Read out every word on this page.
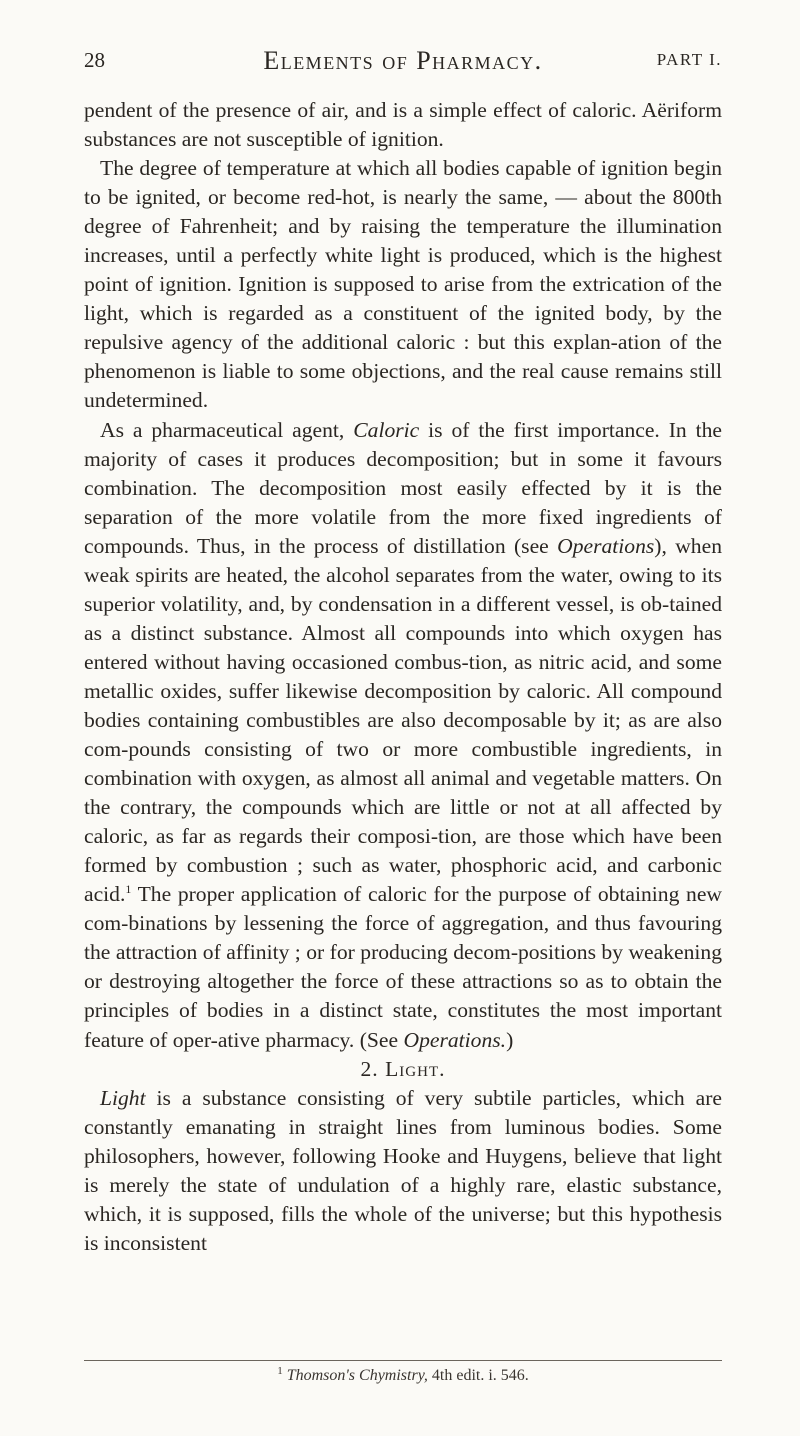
28	Elements of Pharmacy.	PART I.

pendent of the presence of air, and is a simple effect of caloric. Aëriform substances are not susceptible of ignition.

The degree of temperature at which all bodies capable of ignition begin to be ignited, or become red-hot, is nearly the same, — about the 800th degree of Fahrenheit; and by raising the temperature the illumination increases, until a perfectly white light is produced, which is the highest point of ignition. Ignition is supposed to arise from the extrication of the light, which is regarded as a constituent of the ignited body, by the repulsive agency of the additional caloric : but this explan-ation of the phenomenon is liable to some objections, and the real cause remains still undetermined.

As a pharmaceutical agent, Caloric is of the first importance. In the majority of cases it produces decomposition; but in some it favours combination. The decomposition most easily effected by it is the separation of the more volatile from the more fixed ingredients of compounds. Thus, in the process of distillation (see Operations), when weak spirits are heated, the alcohol separates from the water, owing to its superior volatility, and, by condensation in a different vessel, is ob-tained as a distinct substance. Almost all compounds into which oxygen has entered without having occasioned combus-tion, as nitric acid, and some metallic oxides, suffer likewise decomposition by caloric. All compound bodies containing combustibles are also decomposable by it; as are also com-pounds consisting of two or more combustible ingredients, in combination with oxygen, as almost all animal and vegetable matters. On the contrary, the compounds which are little or not at all affected by caloric, as far as regards their composi-tion, are those which have been formed by combustion ; such as water, phosphoric acid, and carbonic acid.$^1$ The proper application of caloric for the purpose of obtaining new com-binations by lessening the force of aggregation, and thus favouring the attraction of affinity ; or for producing decom-positions by weakening or destroying altogether the force of these attractions so as to obtain the principles of bodies in a distinct state, constitutes the most important feature of oper-ative pharmacy. (See Operations.)

2. Light.

Light is a substance consisting of very subtile particles, which are constantly emanating in straight lines from luminous bodies. Some philosophers, however, following Hooke and Huygens, believe that light is merely the state of undulation of a highly rare, elastic substance, which, it is supposed, fills the whole of the universe; but this hypothesis is inconsistent

$^1$ Thomson's Chymistry, 4th edit. i. 546.
